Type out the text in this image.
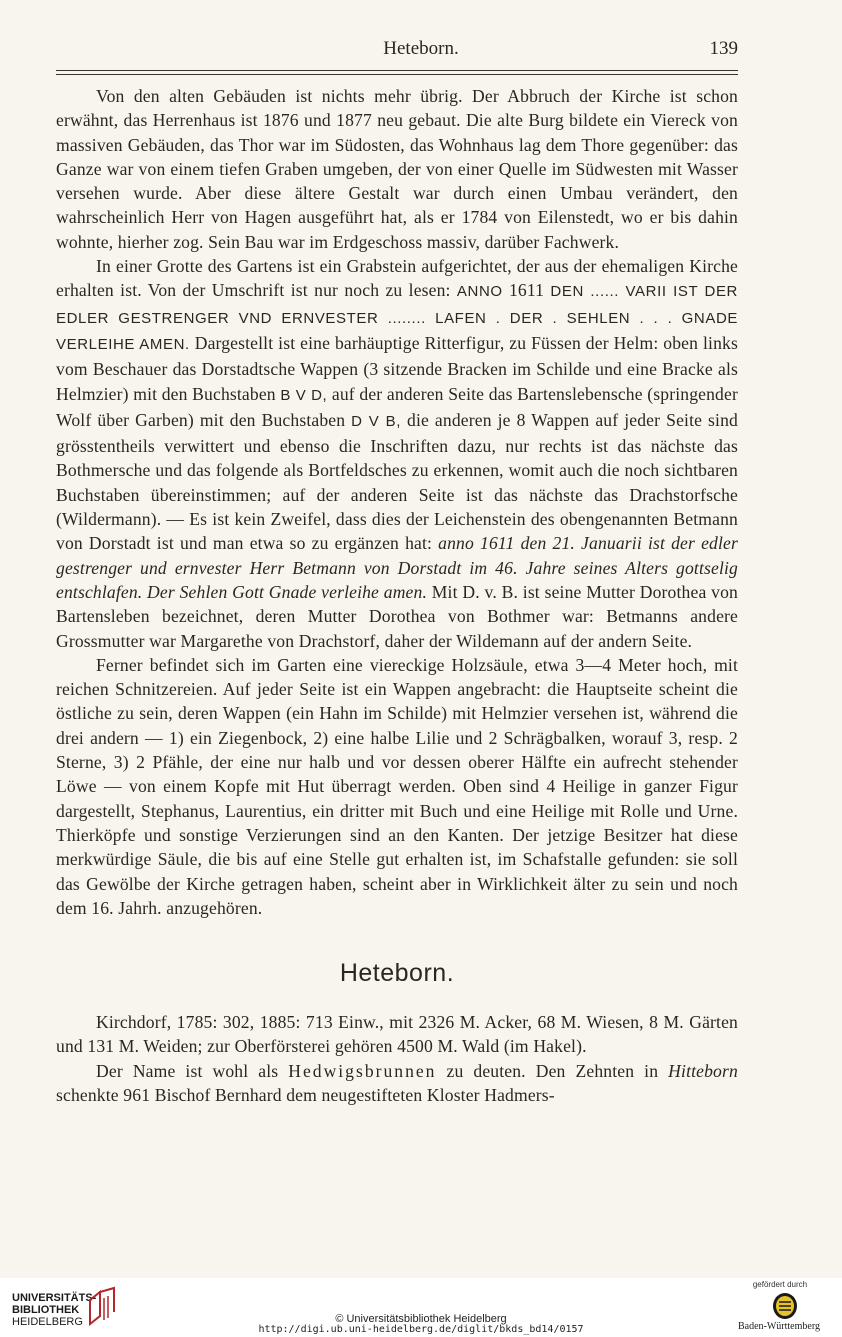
Heteborn.	139

Von den alten Gebäuden ist nichts mehr übrig. Der Abbruch der Kirche ist schon erwähnt, das Herrenhaus ist 1876 und 1877 neu gebaut. Die alte Burg bildete ein Viereck von massiven Gebäuden, das Thor war im Südosten, das Wohnhaus lag dem Thore gegenüber: das Ganze war von einem tiefen Graben umgeben, der von einer Quelle im Südwesten mit Wasser versehen wurde. Aber diese ältere Gestalt war durch einen Umbau verändert, den wahrscheinlich Herr von Hagen ausgeführt hat, als er 1784 von Eilenstedt, wo er bis dahin wohnte, hierher zog. Sein Bau war im Erdgeschoss massiv, darüber Fachwerk.

In einer Grotte des Gartens ist ein Grabstein aufgerichtet, der aus der ehemaligen Kirche erhalten ist. Von der Umschrift ist nur noch zu lesen: ANNO 1611 DEN ...... VARII IST DER EDLER GESTRENGER VND ERNVESTER ........ LAFEN . DER . SEHLEN . . . GNADE VERLEIHE AMEN. Dargestellt ist eine barhäuptige Ritterfigur, zu Füssen der Helm: oben links vom Beschauer das Dorstadtsche Wappen (3 sitzende Bracken im Schilde und eine Bracke als Helmzier) mit den Buchstaben B V D, auf der anderen Seite das Bartenslebensche (springender Wolf über Garben) mit den Buchstaben D V B, die anderen je 8 Wappen auf jeder Seite sind grösstentheils verwittert und ebenso die Inschriften dazu, nur rechts ist das nächste das Bothmersche und das folgende als Bortfeldsches zu erkennen, womit auch die noch sichtbaren Buchstaben übereinstimmen; auf der anderen Seite ist das nächste das Drachstorfsche (Wildermann). — Es ist kein Zweifel, dass dies der Leichenstein des obengenannten Betmann von Dorstadt ist und man etwa so zu ergänzen hat: anno 1611 den 21. Januarii ist der edler gestrenger und ernvester Herr Betmann von Dorstadt im 46. Jahre seines Alters gottselig entschlafen. Der Sehlen Gott Gnade verleihe amen. Mit D. v. B. ist seine Mutter Dorothea von Bartensleben bezeichnet, deren Mutter Dorothea von Bothmer war: Betmanns andere Grossmutter war Margarethe von Drachstorf, daher der Wildemann auf der andern Seite.

Ferner befindet sich im Garten eine viereckige Holzsäule, etwa 3—4 Meter hoch, mit reichen Schnitzereien. Auf jeder Seite ist ein Wappen angebracht: die Hauptseite scheint die östliche zu sein, deren Wappen (ein Hahn im Schilde) mit Helmzier versehen ist, während die drei andern — 1) ein Ziegenbock, 2) eine halbe Lilie und 2 Schrägbalken, worauf 3, resp. 2 Sterne, 3) 2 Pfähle, der eine nur halb und vor dessen oberer Hälfte ein aufrecht stehender Löwe — von einem Kopfe mit Hut überragt werden. Oben sind 4 Heilige in ganzer Figur dargestellt, Stephanus, Laurentius, ein dritter mit Buch und eine Heilige mit Rolle und Urne. Thierköpfe und sonstige Verzierungen sind an den Kanten. Der jetzige Besitzer hat diese merkwürdige Säule, die bis auf eine Stelle gut erhalten ist, im Schafstalle gefunden: sie soll das Gewölbe der Kirche getragen haben, scheint aber in Wirklichkeit älter zu sein und noch dem 16. Jahrh. anzugehören.

Heteborn.

Kirchdorf, 1785: 302, 1885: 713 Einw., mit 2326 M. Acker, 68 M. Wiesen, 8 M. Gärten und 131 M. Weiden; zur Oberförsterei gehören 4500 M. Wald (im Hakel).

Der Name ist wohl als Hedwigsbrunnen zu deuten. Den Zehnten in Hitteborn schenkte 961 Bischof Bernhard dem neugestifteten Kloster Hadmers-

UNIVERSITÄTS-
BIBLIOTHEK
HEIDELBERG	© Universitätsbibliothek Heidelberg
http://digi.ub.uni-heidelberg.de/diglit/bkds_bd14/0157
gefördert durch
Baden-Württemberg
